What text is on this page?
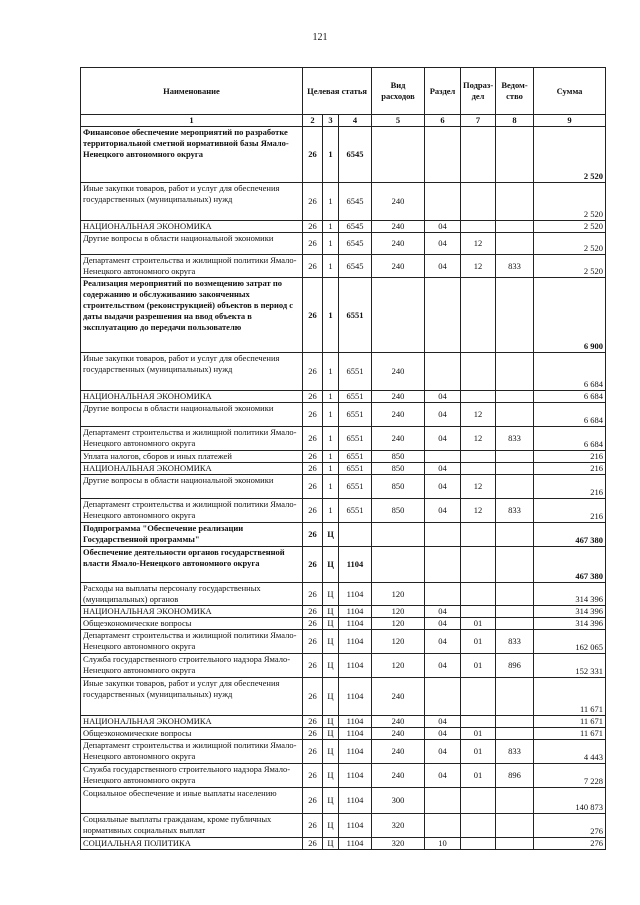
121
Наименование	Целевая статья			Вид расходов	Раздел	Подраз-дел	Ведом-ство	Сумма
1	2	3	4	5	6	7	8	9
Финансовое обеспечение мероприятий по разработке территориальной сметной нормативной базы Ямало-Ненецкого автономного округа	26	1	6545					2 520
Иные закупки товаров, работ и услуг для обеспечения государственных (муниципальных) нужд	26	1	6545	240				2 520
НАЦИОНАЛЬНАЯ ЭКОНОМИКА	26	1	6545	240	04			2 520
Другие вопросы в области национальной экономики	26	1	6545	240	04	12		2 520
Департамент строительства и жилищной политики Ямало-Ненецкого автономного округа	26	1	6545	240	04	12	833	2 520
Реализация мероприятий по возмещению затрат по содержанию и обслуживанию законченных строительством (реконструкцией) объектов в период с даты выдачи разрешения на ввод объекта в эксплуатацию до передачи пользователю	26	1	6551					6 900
Иные закупки товаров, работ и услуг для обеспечения государственных (муниципальных) нужд	26	1	6551	240				6 684
НАЦИОНАЛЬНАЯ ЭКОНОМИКА	26	1	6551	240	04			6 684
Другие вопросы в области национальной экономики	26	1	6551	240	04	12		6 684
Департамент строительства и жилищной политики Ямало-Ненецкого автономного округа	26	1	6551	240	04	12	833	6 684
Уплата налогов, сборов и иных платежей	26	1	6551	850				216
НАЦИОНАЛЬНАЯ ЭКОНОМИКА	26	1	6551	850	04			216
Другие вопросы в области национальной экономики	26	1	6551	850	04	12		216
Департамент строительства и жилищной политики Ямало-Ненецкого автономного округа	26	1	6551	850	04	12	833	216
Подпрограмма "Обеспечение реализации Государственной программы"	26	Ц						467 380
Обеспечение деятельности органов государственной власти Ямало-Ненецкого автономного округа	26	Ц	1104					467 380
Расходы на выплаты персоналу государственных (муниципальных) органов	26	Ц	1104	120				314 396
НАЦИОНАЛЬНАЯ ЭКОНОМИКА	26	Ц	1104	120	04			314 396
Общеэкономические вопросы	26	Ц	1104	120	04	01		314 396
Департамент строительства и жилищной политики Ямало-Ненецкого автономного округа	26	Ц	1104	120	04	01	833	162 065
Служба государственного строительного надзора Ямало-Ненецкого автономного округа	26	Ц	1104	120	04	01	896	152 331
Иные закупки товаров, работ и услуг для обеспечения государственных (муниципальных) нужд	26	Ц	1104	240				11 671
НАЦИОНАЛЬНАЯ ЭКОНОМИКА	26	Ц	1104	240	04			11 671
Общеэкономические вопросы	26	Ц	1104	240	04	01		11 671
Департамент строительства и жилищной политики Ямало-Ненецкого автономного округа	26	Ц	1104	240	04	01	833	4 443
Служба государственного строительного надзора Ямало-Ненецкого автономного округа	26	Ц	1104	240	04	01	896	7 228
Социальное обеспечение и иные выплаты населению	26	Ц	1104	300				140 873
Социальные выплаты гражданам, кроме публичных нормативных социальных выплат	26	Ц	1104	320				276
СОЦИАЛЬНАЯ ПОЛИТИКА	26	Ц	1104	320	10			276
